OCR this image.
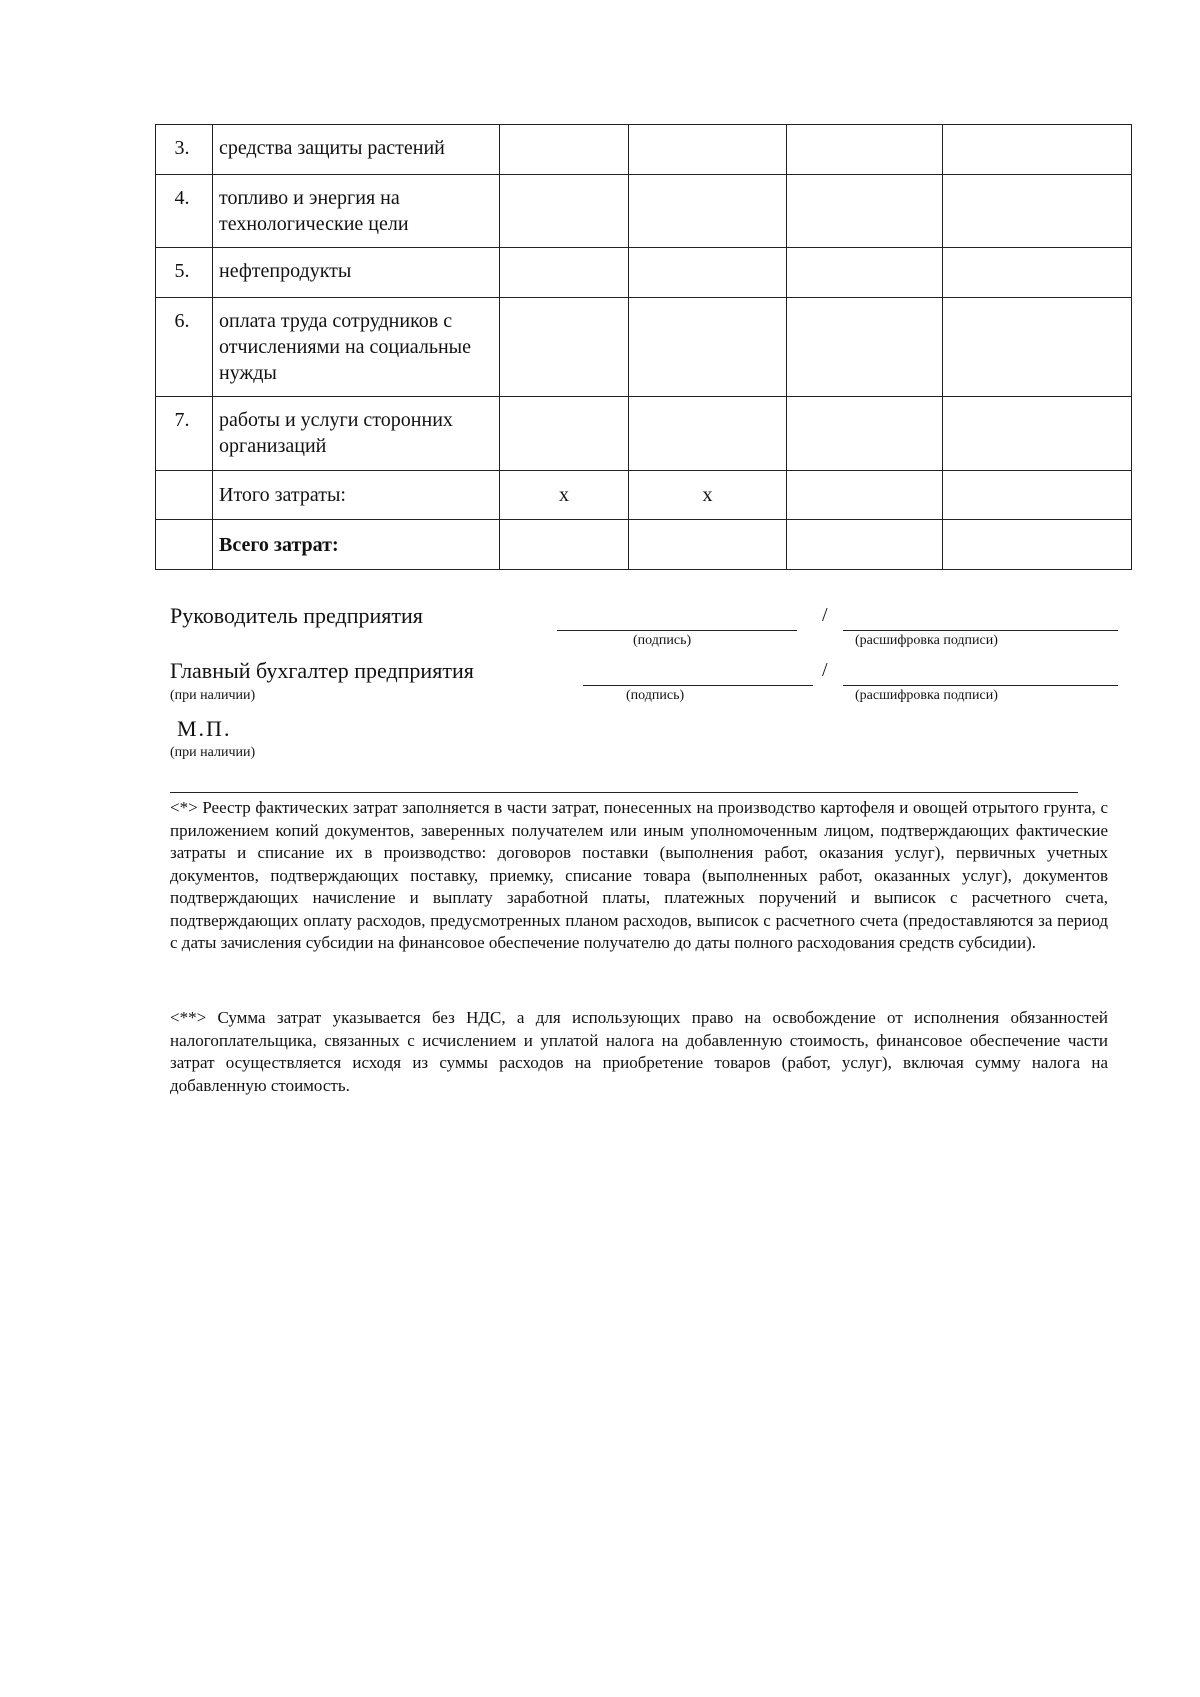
3.	средства защиты растений				
4.	топливо и энергия на технологические цели				
5.	нефтепродукты				
6.	оплата труда сотрудников с отчислениями на социальные нужды				
7.	работы и услуги сторонних организаций				
	Итого затраты:	x	x		
	Всего затрат:				
Руководитель предприятия	/
(подпись)	(расшифровка подписи)
Главный бухгалтер предприятия
(при наличии)
/
(подпись)	(расшифровка подписи)
М.П.
(при наличии)
<*> Реестр фактических затрат заполняется в части затрат, понесенных на производство картофеля и овощей отрытого грунта, с приложением копий документов, заверенных получателем или иным уполномоченным лицом, подтверждающих фактические затраты и списание их в производство: договоров поставки (выполнения работ, оказания услуг), первичных учетных документов, подтверждающих поставку, приемку, списание товара (выполненных работ, оказанных услуг), документов подтверждающих начисление и выплату заработной платы, платежных поручений и выписок с расчетного счета, подтверждающих оплату расходов, предусмотренных планом расходов, выписок с расчетного счета (предоставляются за период с даты зачисления субсидии на финансовое обеспечение получателю до даты полного расходования средств субсидии).
<**> Сумма затрат указывается без НДС, а для использующих право на освобождение от исполнения обязанностей налогоплательщика, связанных с исчислением и уплатой налога на добавленную стоимость, финансовое обеспечение части затрат осуществляется исходя из суммы расходов на приобретение товаров (работ, услуг), включая сумму налога на добавленную стоимость.
